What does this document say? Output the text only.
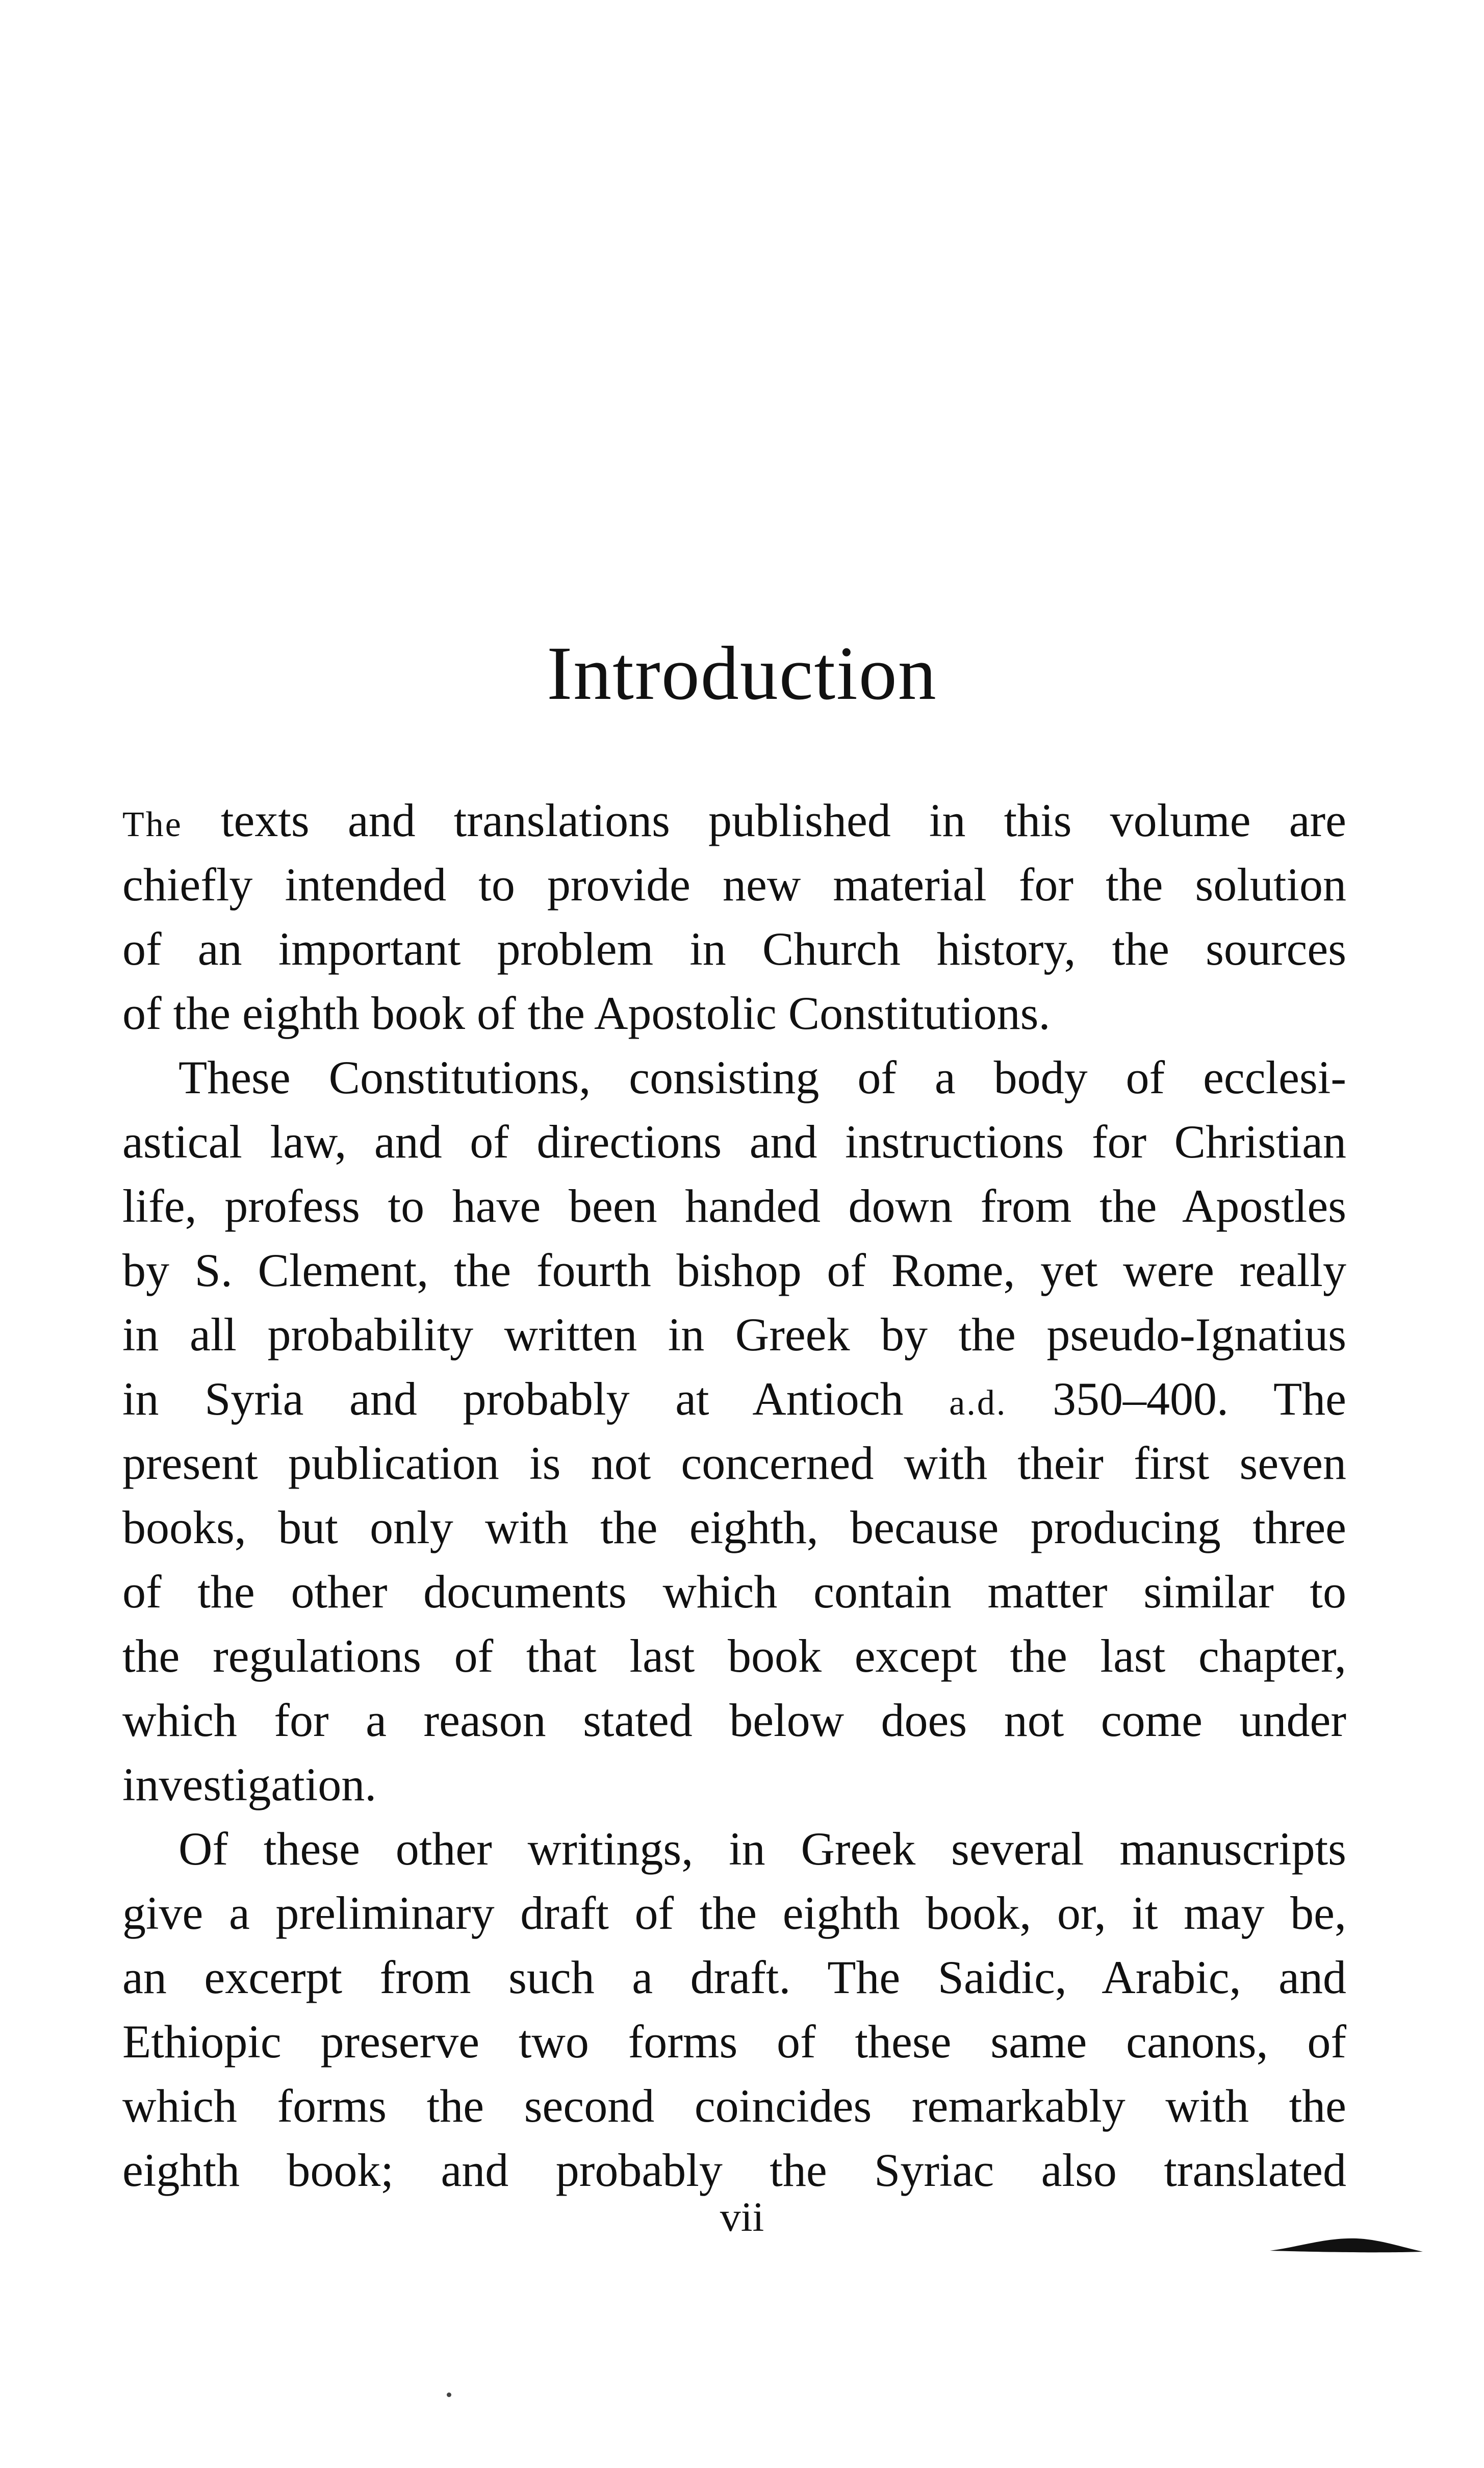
Introduction
The texts and translations published in this volume are
chiefly intended to provide new material for the solution
of an important problem in Church history, the sources
of the eighth book of the Apostolic Constitutions.
These Constitutions, consisting of a body of ecclesi-
astical law, and of directions and instructions for Christian
life, profess to have been handed down from the Apostles
by S. Clement, the fourth bishop of Rome, yet were really
in all probability written in Greek by the pseudo-Ignatius
in Syria and probably at Antioch a.d. 350–400. The
present publication is not concerned with their first seven
books, but only with the eighth, because producing three
of the other documents which contain matter similar to
the regulations of that last book except the last chapter,
which for a reason stated below does not come under
investigation.
Of these other writings, in Greek several manuscripts
give a preliminary draft of the eighth book, or, it may be,
an excerpt from such a draft. The Saidic, Arabic, and
Ethiopic preserve two forms of these same canons, of
which forms the second coincides remarkably with the
eighth book; and probably the Syriac also translated
vii
